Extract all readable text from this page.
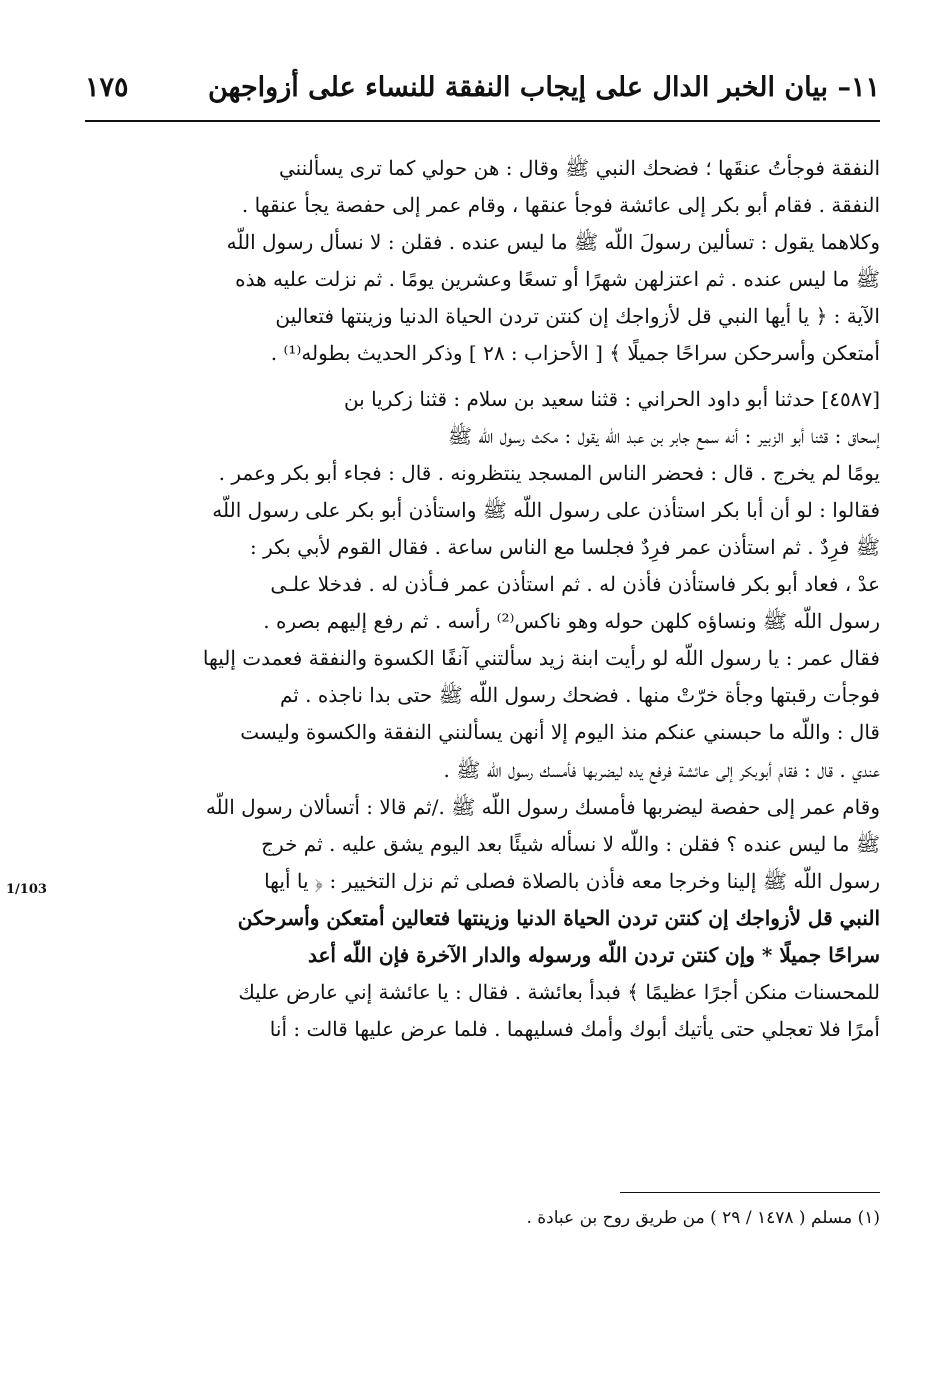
١١– بيان الخبر الدال على إيجاب النفقة للنساء على أزواجهن
١٧٥
النفقة فوجأتُ عنقَها ؛ فضحك النبي ﷺ وقال : هن حولي كما ترى يسألنني
النفقة . فقام أبو بكر إلى عائشة فوجأ عنقها ، وقام عمر إلى حفصة يجأ عنقها .
وكلاهما يقول : تسألين رسولَ اللّه ﷺ ما ليس عنده . فقلن : لا نسأل رسول اللّه
ﷺ ما ليس عنده . ثم اعتزلهن شهرًا أو تسعًا وعشرين يومًا . ثم نزلت عليه هذه
الآية : ﴿ يا أيها النبي قل لأزواجك إن كنتن تردن الحياة الدنيا وزينتها فتعالين
أمتعكن وأسرحكن سراحًا جميلًا ﴾ [ الأحزاب : ٢٨ ] وذكر الحديث بطوله⁽¹⁾ .
[٤٥٨٧] حدثنا أبو داود الحراني : قثنا سعيد بن سلام : قثنا زكريا بن
إسحاق : قثنا أبو الزبير : أنه سمع جابر بن عبد اللّه يقول : مكث رسول اللّه ﷺ
يومًا لم يخرج . قال : فحضر الناس المسجد ينتظرونه . قال : فجاء أبو بكر وعمر .
فقالوا : لو أن أبا بكر استأذن على رسول اللّه ﷺ واستأذن أبو بكر على رسول اللّه
ﷺ فرِدٌ . ثم استأذن عمر فرِدٌ فجلسا مع الناس ساعة . فقال القوم لأبي بكر :
عدْ ، فعاد أبو بكر فاستأذن فأذن له . ثم استأذن عمر فـأذن له . فدخلا علـى
رسول اللّه ﷺ ونساؤه كلهن حوله وهو ناكس⁽²⁾ رأسه . ثم رفع إليهم بصره .
فقال عمر : يا رسول اللّه لو رأيت ابنة زيد سألتني آنفًا الكسوة والنفقة فعمدت إليها
فوجأت رقبتها وجأة خرّتْ منها . فضحك رسول اللّه ﷺ حتى بدا ناجذه . ثم
قال : واللّه ما حبسني عنكم منذ اليوم إلا أنهن يسألنني النفقة والكسوة وليست
عندي . قال : فقام أبوبكر إلى عائشة فرفع يده ليضربها فأمسك رسول اللّه ﷺ .
وقام عمر إلى حفصة ليضربها فأمسك رسول اللّه ﷺ ./ثم قالا : أتسألان رسول اللّه
ﷺ ما ليس عنده ؟ فقلن : واللّه لا نسأله شيئًا بعد اليوم يشق عليه . ثم خرج
رسول اللّه ﷺ إلينا وخرجا معه فأذن بالصلاة فصلى ثم نزل التخيير : ﴿ يا أيها
النبي قل لأزواجك إن كنتن تردن الحياة الدنيا وزينتها فتعالين أمتعكن وأسرحكن
سراحًا جميلًا * وإن كنتن تردن اللّه ورسوله والدار الآخرة فإن اللّه أعد
للمحسنات منكن أجرًا عظيمًا ﴾ فبدأ بعائشة . فقال : يا عائشة إني عارض عليك
أمرًا فلا تعجلي حتى يأتيك أبوك وأمك فسليهما . فلما عرض عليها قالت : أنا
1/103
(١) مسلم ( ١٤٧٨ / ٢٩ ) من طريق روح بن عبادة .
